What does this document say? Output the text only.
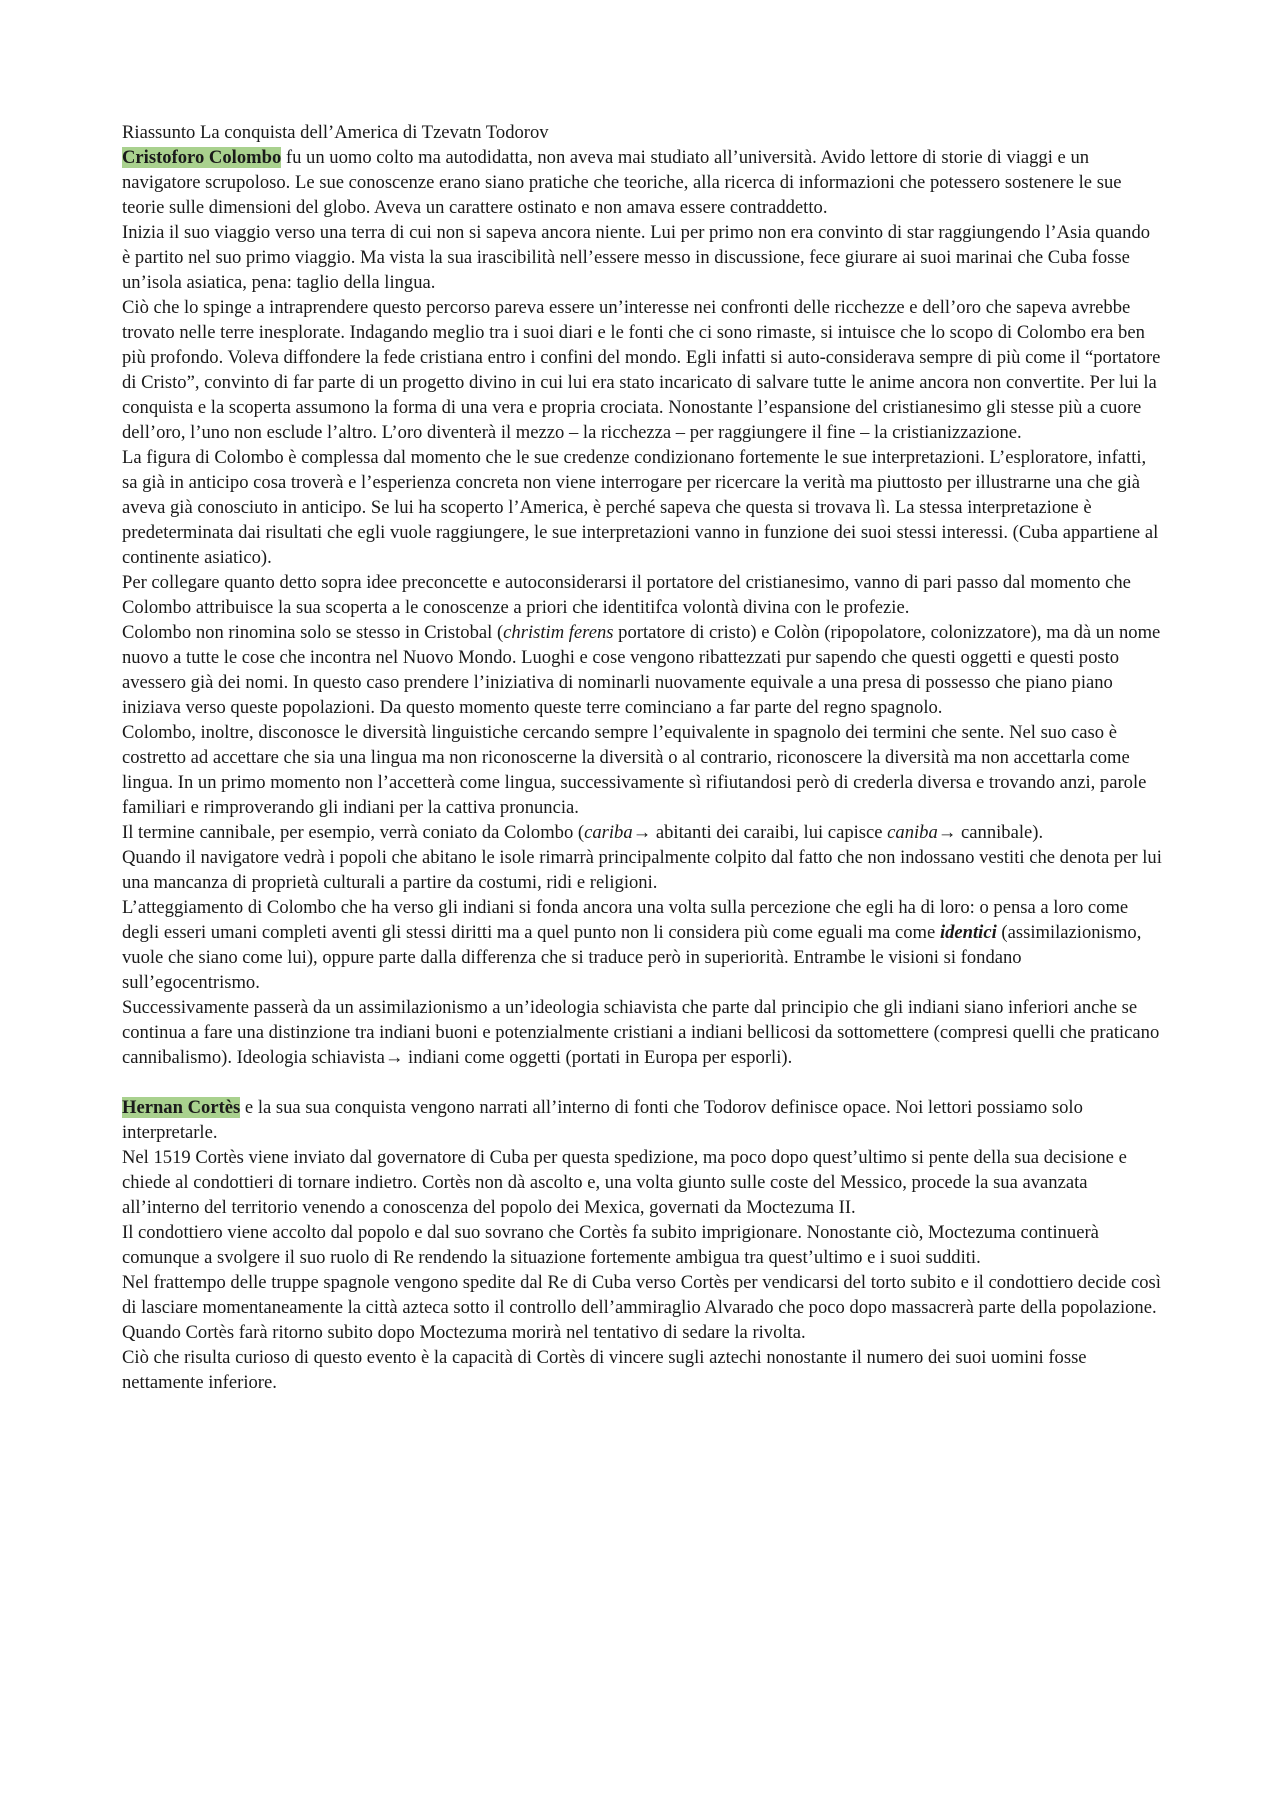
Riassunto La conquista dell’America di Tzevatn Todorov

Cristoforo Colombo fu un uomo colto ma autodidatta, non aveva mai studiato all’università. Avido lettore di storie di viaggi e un navigatore scrupoloso. Le sue conoscenze erano siano pratiche che teoriche, alla ricerca di informazioni che potessero sostenere le sue teorie sulle dimensioni del globo. Aveva un carattere ostinato e non amava essere contraddetto.

Inizia il suo viaggio verso una terra di cui non si sapeva ancora niente. Lui per primo non era convinto di star raggiungendo l’Asia quando è partito nel suo primo viaggio. Ma vista la sua irascibilità nell’essere messo in discussione, fece giurare ai suoi marinai che Cuba fosse un’isola asiatica, pena: taglio della lingua.

Ciò che lo spinge a intraprendere questo percorso pareva essere un’interesse nei confronti delle ricchezze e dell’oro che sapeva avrebbe trovato nelle terre inesplorate. Indagando meglio tra i suoi diari e le fonti che ci sono rimaste, si intuisce che lo scopo di Colombo era ben più profondo. Voleva diffondere la fede cristiana entro i confini del mondo. Egli infatti si auto-considerava sempre di più come il “portatore di Cristo”, convinto di far parte di un progetto divino in cui lui era stato incaricato di salvare tutte le anime ancora non convertite. Per lui la conquista e la scoperta assumono la forma di una vera e propria crociata. Nonostante l’espansione del cristianesimo gli stesse più a cuore dell’oro, l’uno non esclude l’altro. L’oro diventerà il mezzo – la ricchezza – per raggiungere il fine – la cristianizzazione.

La figura di Colombo è complessa dal momento che le sue credenze condizionano fortemente le sue interpretazioni. L’esploratore, infatti, sa già in anticipo cosa troverà e l’esperienza concreta non viene interrogare per ricercare la verità ma piuttosto per illustrarne una che già aveva già conosciuto in anticipo. Se lui ha scoperto l’America, è perché sapeva che questa si trovava lì. La stessa interpretazione è predeterminata dai risultati che egli vuole raggiungere, le sue interpretazioni vanno in funzione dei suoi stessi interessi. (Cuba appartiene al continente asiatico).

Per collegare quanto detto sopra idee preconcette e autoconsiderarsi il portatore del cristianesimo, vanno di pari passo dal momento che Colombo attribuisce la sua scoperta a le conoscenze a priori che identitifca volontà divina con le profezie.

Colombo non rinomina solo se stesso in Cristobal (christim ferens portatore di cristo) e Colòn (ripopolatore, colonizzatore), ma dà un nome nuovo a tutte le cose che incontra nel Nuovo Mondo. Luoghi e cose vengono ribattezzati pur sapendo che questi oggetti e questi posto avessero già dei nomi. In questo caso prendere l’iniziativa di nominarli nuovamente equivale a una presa di possesso che piano piano iniziava verso queste popolazioni. Da questo momento queste terre cominciano a far parte del regno spagnolo.

Colombo, inoltre, disconosce le diversità linguistiche cercando sempre l’equivalente in spagnolo dei termini che sente. Nel suo caso è costretto ad accettare che sia una lingua ma non riconoscerne la diversità o al contrario, riconoscere la diversità ma non accettarla come lingua. In un primo momento non l’accetterà come lingua, successivamente sì rifiutandosi però di crederla diversa e trovando anzi, parole familiari e rimproverando gli indiani per la cattiva pronuncia.

Il termine cannibale, per esempio, verrà coniato da Colombo (cariba→ abitanti dei caraibi, lui capisce caniba→ cannibale).

Quando il navigatore vedrà i popoli che abitano le isole rimarrà principalmente colpito dal fatto che non indossano vestiti che denota per lui una mancanza di proprietà culturali a partire da costumi, ridi e religioni.

L’atteggiamento di Colombo che ha verso gli indiani si fonda ancora una volta sulla percezione che egli ha di loro: o pensa a loro come degli esseri umani completi aventi gli stessi diritti ma a quel punto non li considera più come eguali ma come identici (assimilazionismo, vuole che siano come lui), oppure parte dalla differenza che si traduce però in superiorità. Entrambe le visioni si fondano sull’egocentrismo.

Successivamente passerà da un assimilazionismo a un’ideologia schiavista che parte dal principio che gli indiani siano inferiori anche se continua a fare una distinzione tra indiani buoni e potenzialmente cristiani a indiani bellicosi da sottomettere (compresi quelli che praticano cannibalismo). Ideologia schiavista→ indiani come oggetti (portati in Europa per esporli).

Hernan Cortès e la sua sua conquista vengono narrati all’interno di fonti che Todorov definisce opace. Noi lettori possiamo solo interpretarle.

Nel 1519 Cortès viene inviato dal governatore di Cuba per questa spedizione, ma poco dopo quest’ultimo si pente della sua decisione e chiede al condottieri di tornare indietro. Cortès non dà ascolto e, una volta giunto sulle coste del Messico, procede la sua avanzata all’interno del territorio venendo a conoscenza del popolo dei Mexica, governati da Moctezuma II.

Il condottiero viene accolto dal popolo e dal suo sovrano che Cortès fa subito imprigionare. Nonostante ciò, Moctezuma continuerà comunque a svolgere il suo ruolo di Re rendendo la situazione fortemente ambigua tra quest’ultimo e i suoi sudditi.

Nel frattempo delle truppe spagnole vengono spedite dal Re di Cuba verso Cortès per vendicarsi del torto subito e il condottiero decide così di lasciare momentaneamente la città azteca sotto il controllo dell’ammiraglio Alvarado che poco dopo massacrerà parte della popolazione. Quando Cortès farà ritorno subito dopo Moctezuma morirà nel tentativo di sedare la rivolta.

Ciò che risulta curioso di questo evento è la capacità di Cortès di vincere sugli aztechi nonostante il numero dei suoi uomini fosse nettamente inferiore.
